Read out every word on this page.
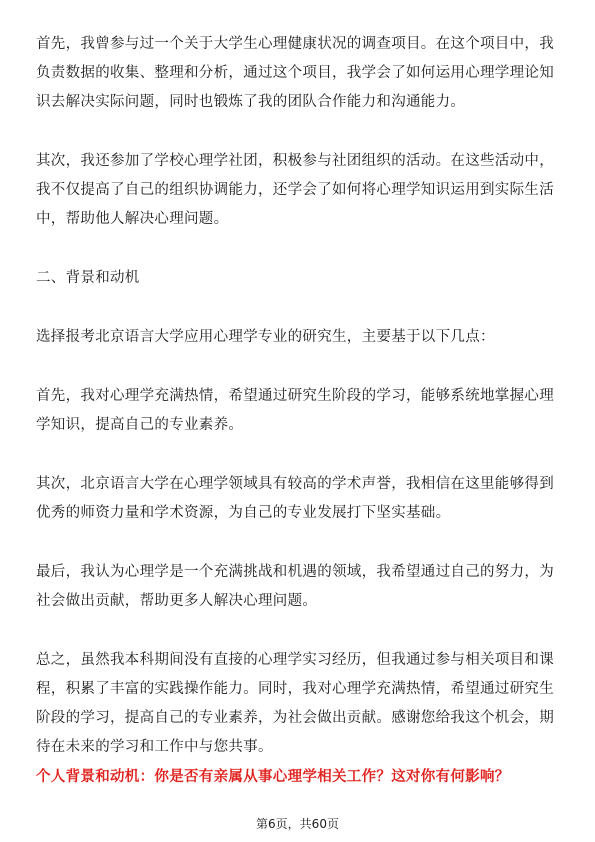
首先，我曾参与过一个关于大学生心理健康状况的调查项目。在这个项目中，我负责数据的收集、整理和分析，通过这个项目，我学会了如何运用心理学理论知识去解决实际问题，同时也锻炼了我的团队合作能力和沟通能力。

其次，我还参加了学校心理学社团，积极参与社团组织的活动。在这些活动中，我不仅提高了自己的组织协调能力，还学会了如何将心理学知识运用到实际生活中，帮助他人解决心理问题。

二、背景和动机

选择报考北京语言大学应用心理学专业的研究生，主要基于以下几点：

首先，我对心理学充满热情，希望通过研究生阶段的学习，能够系统地掌握心理学知识，提高自己的专业素养。

其次，北京语言大学在心理学领域具有较高的学术声誉，我相信在这里能够得到优秀的师资力量和学术资源，为自己的专业发展打下坚实基础。

最后，我认为心理学是一个充满挑战和机遇的领域，我希望通过自己的努力，为社会做出贡献，帮助更多人解决心理问题。

总之，虽然我本科期间没有直接的心理学实习经历，但我通过参与相关项目和课程，积累了丰富的实践操作能力。同时，我对心理学充满热情，希望通过研究生阶段的学习，提高自己的专业素养，为社会做出贡献。感谢您给我这个机会，期待在未来的学习和工作中与您共事。

个人背景和动机：你是否有亲属从事心理学相关工作？这对你有何影响？

第6页，共60页
